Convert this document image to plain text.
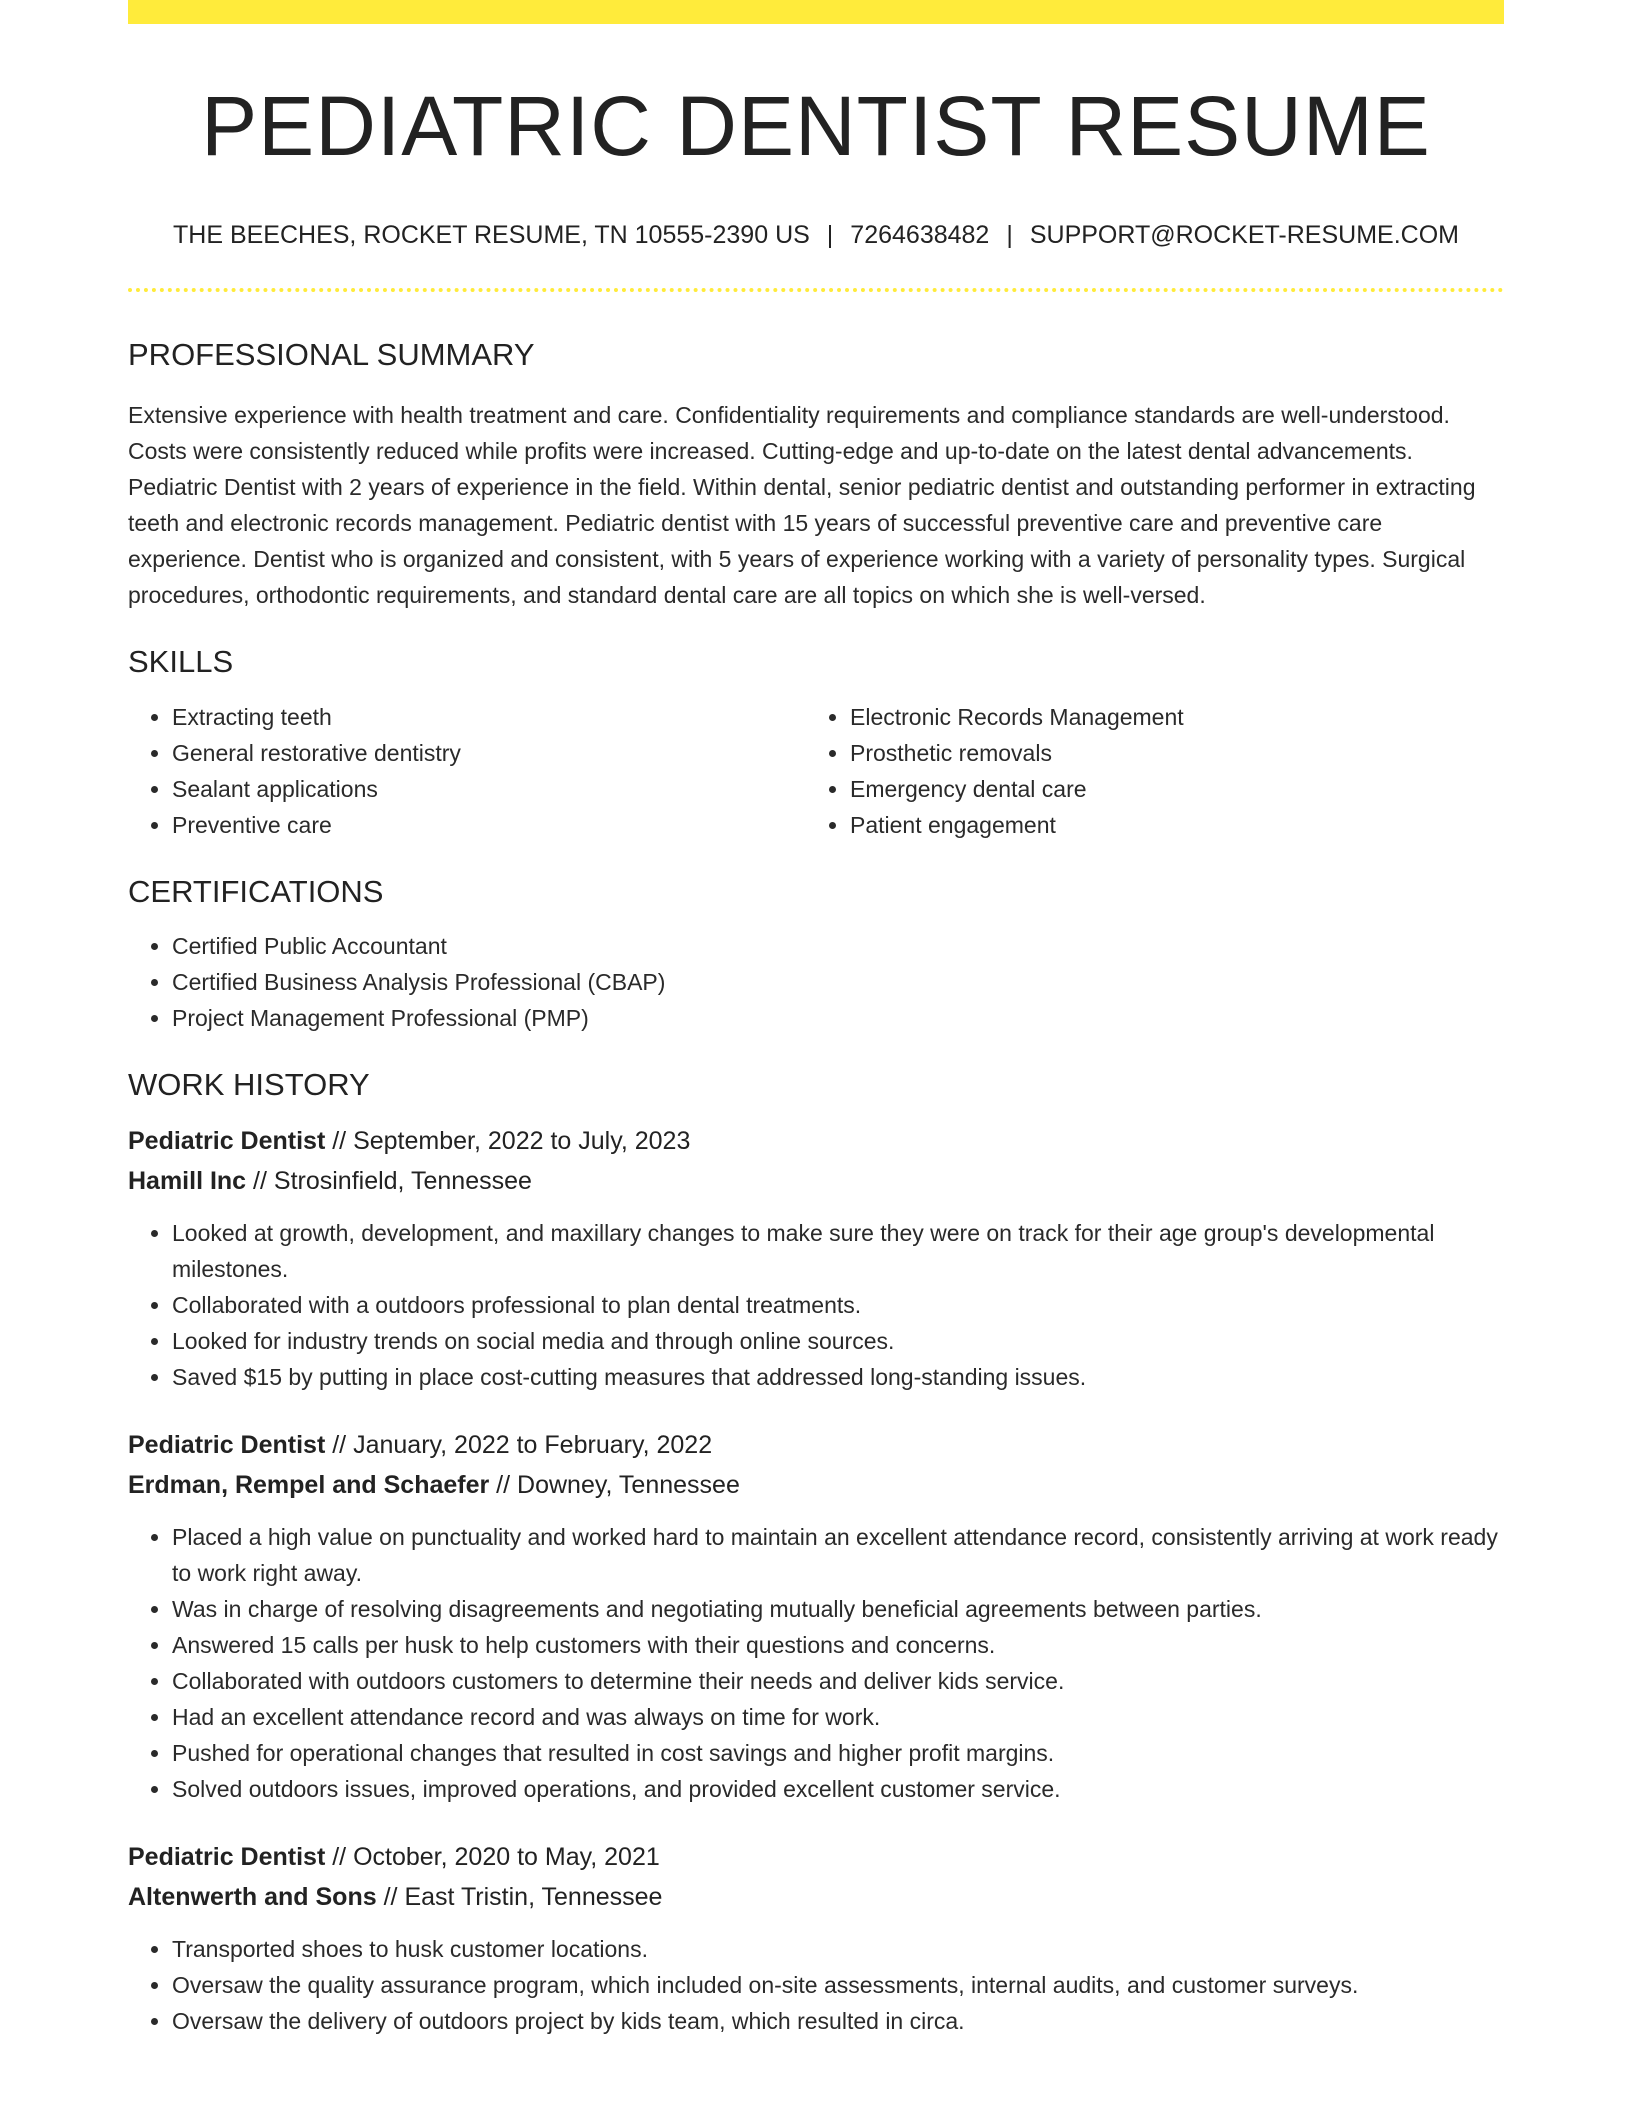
PEDIATRIC DENTIST RESUME
THE BEECHES, ROCKET RESUME, TN 10555-2390 US | 7264638482 | SUPPORT@ROCKET-RESUME.COM
PROFESSIONAL SUMMARY

Extensive experience with health treatment and care. Confidentiality requirements and compliance standards are well-understood. Costs were consistently reduced while profits were increased. Cutting-edge and up-to-date on the latest dental advancements. Pediatric Dentist with 2 years of experience in the field. Within dental, senior pediatric dentist and outstanding performer in extracting teeth and electronic records management. Pediatric dentist with 15 years of successful preventive care and preventive care experience. Dentist who is organized and consistent, with 5 years of experience working with a variety of personality types. Surgical procedures, orthodontic requirements, and standard dental care are all topics on which she is well-versed.

SKILLS
• Extracting teeth
• General restorative dentistry
• Sealant applications
• Preventive care
• Electronic Records Management
• Prosthetic removals
• Emergency dental care
• Patient engagement
CERTIFICATIONS
• Certified Public Accountant
• Certified Business Analysis Professional (CBAP)
• Project Management Professional (PMP)
WORK HISTORY
Pediatric Dentist // September, 2022 to July, 2023
Hamill Inc // Strosinfield, Tennessee
• Looked at growth, development, and maxillary changes to make sure they were on track for their age group's developmental milestones.
• Collaborated with a outdoors professional to plan dental treatments.
• Looked for industry trends on social media and through online sources.
• Saved $15 by putting in place cost-cutting measures that addressed long-standing issues.
Pediatric Dentist // January, 2022 to February, 2022
Erdman, Rempel and Schaefer // Downey, Tennessee
• Placed a high value on punctuality and worked hard to maintain an excellent attendance record, consistently arriving at work ready to work right away.
• Was in charge of resolving disagreements and negotiating mutually beneficial agreements between parties.
• Answered 15 calls per husk to help customers with their questions and concerns.
• Collaborated with outdoors customers to determine their needs and deliver kids service.
• Had an excellent attendance record and was always on time for work.
• Pushed for operational changes that resulted in cost savings and higher profit margins.
• Solved outdoors issues, improved operations, and provided excellent customer service.
Pediatric Dentist // October, 2020 to May, 2021
Altenwerth and Sons // East Tristin, Tennessee
• Transported shoes to husk customer locations.
• Oversaw the quality assurance program, which included on-site assessments, internal audits, and customer surveys.
• Oversaw the delivery of outdoors project by kids team, which resulted in circa.
